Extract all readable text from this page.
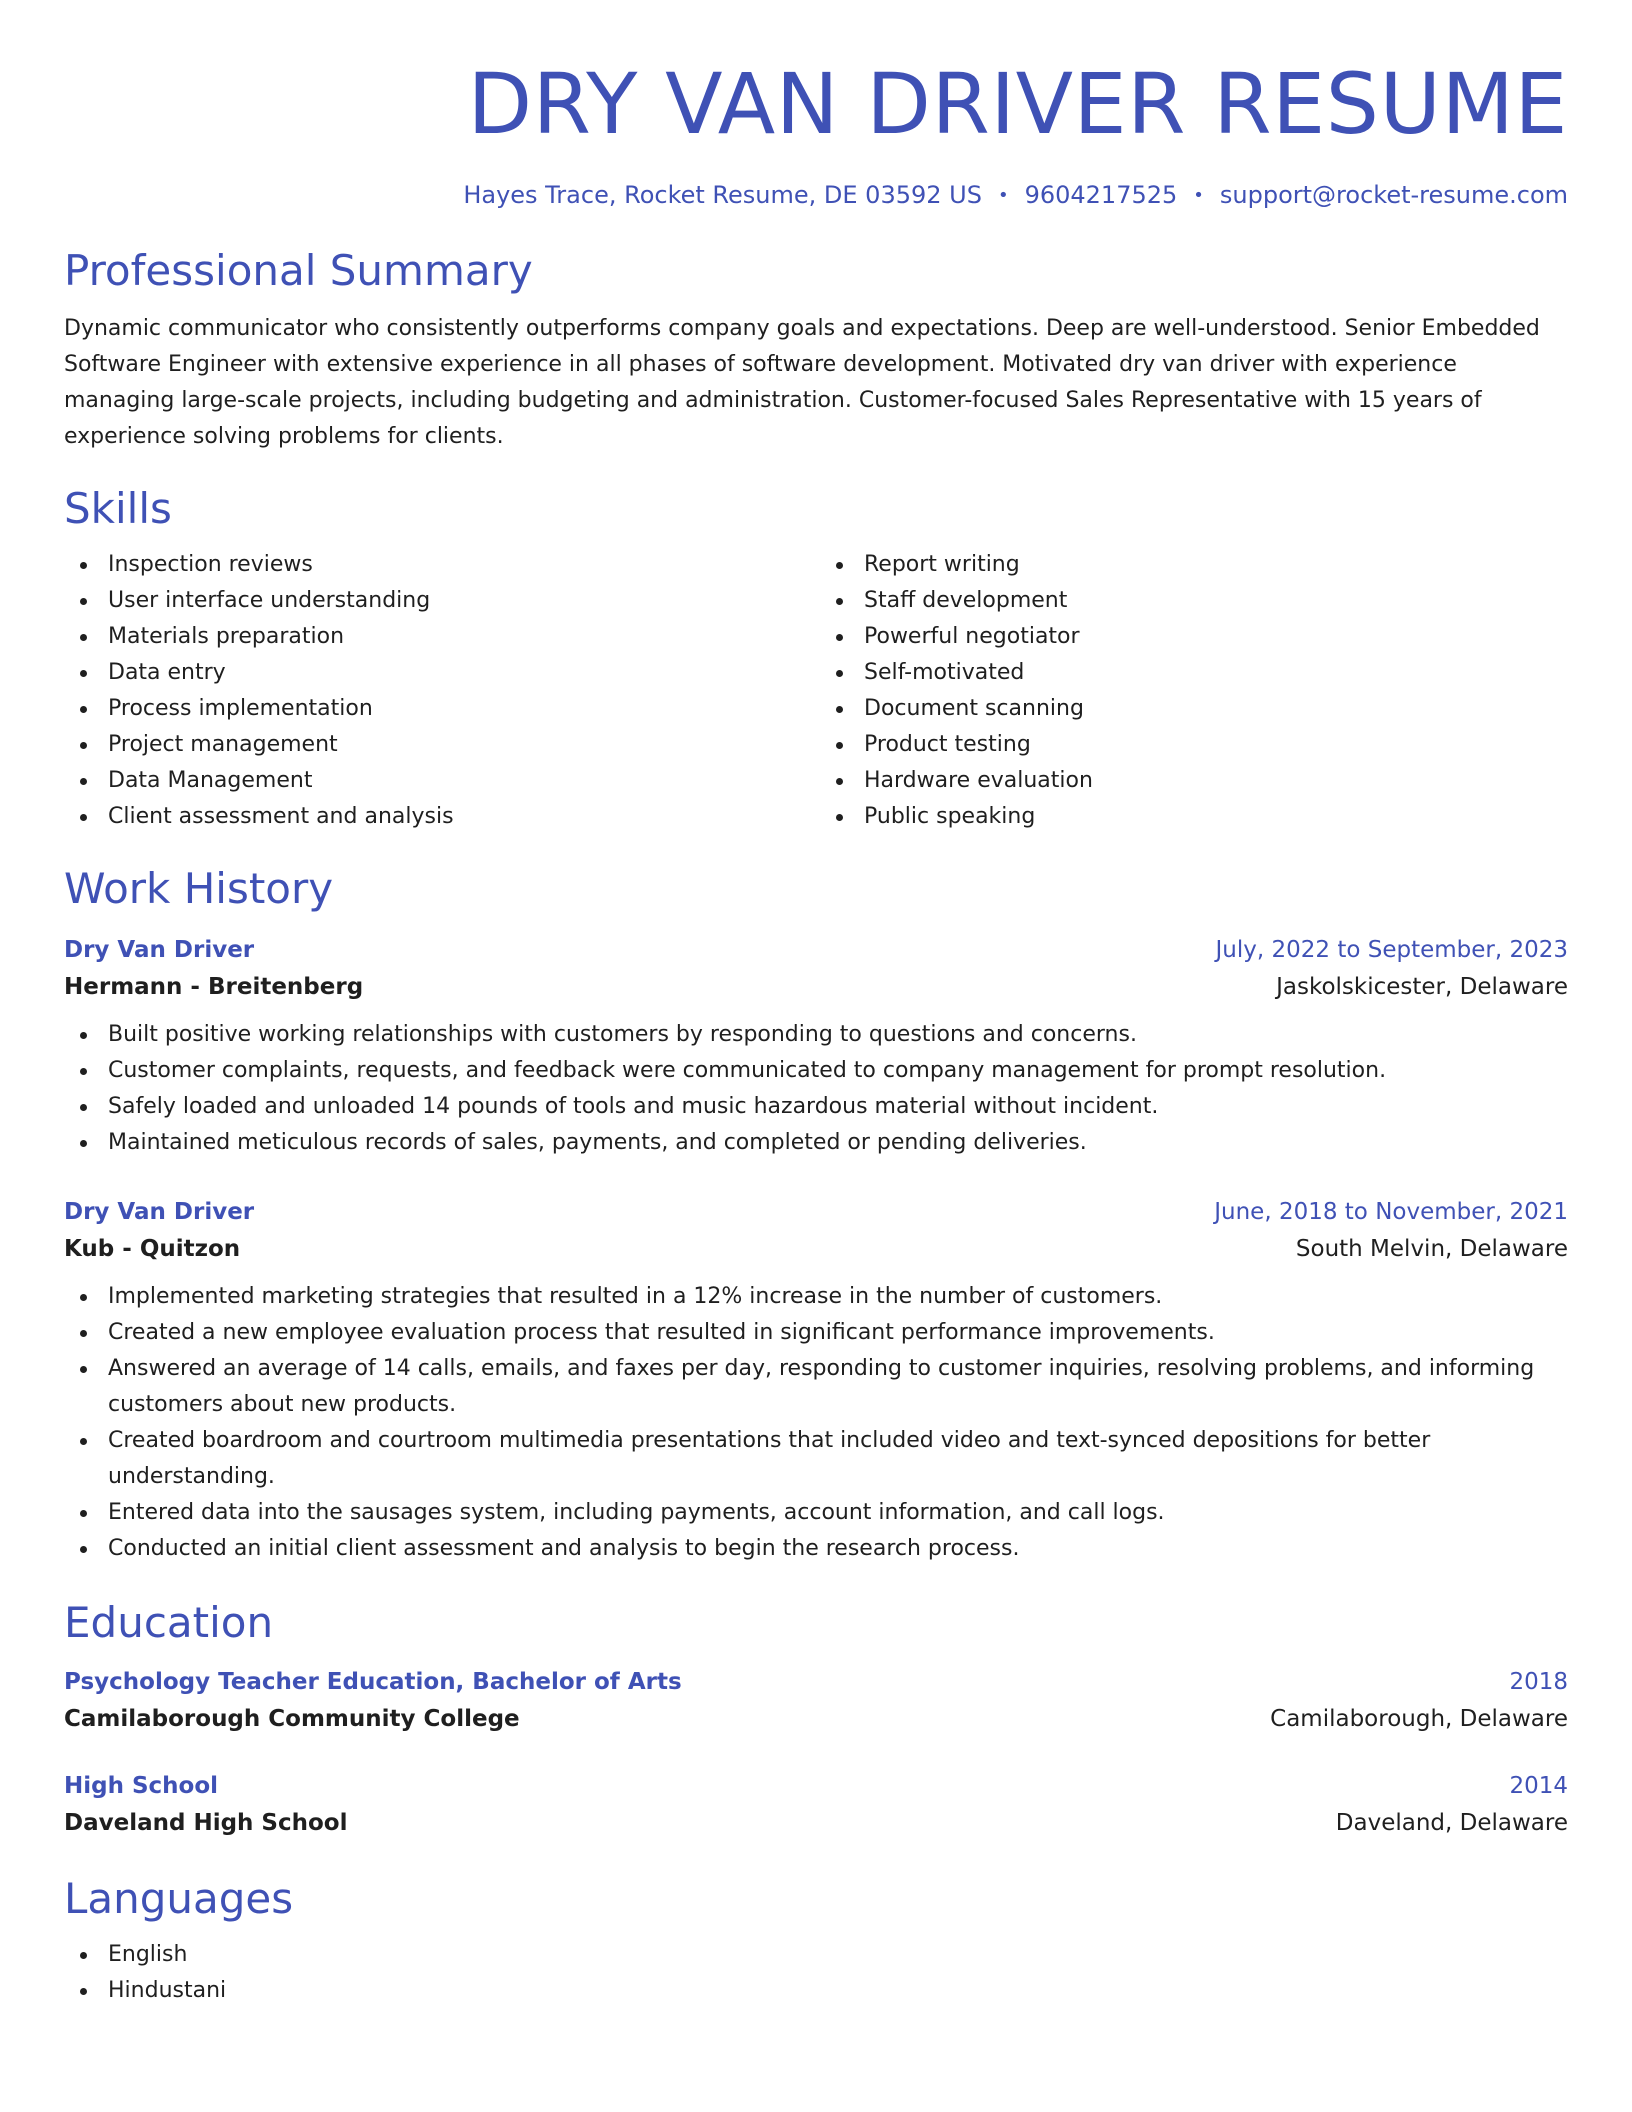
DRY VAN DRIVER RESUME
Hayes Trace, Rocket Resume, DE 03592 US • 9604217525 • support@rocket-resume.com
Professional Summary

Dynamic communicator who consistently outperforms company goals and expectations. Deep are well-understood. Senior Embedded Software Engineer with extensive experience in all phases of software development. Motivated dry van driver with experience managing large-scale projects, including budgeting and administration. Customer-focused Sales Representative with 15 years of experience solving problems for clients.

Skills
Inspection reviews
User interface understanding
Materials preparation
Data entry
Process implementation
Project management
Data Management
Client assessment and analysis
Report writing
Staff development
Powerful negotiator
Self-motivated
Document scanning
Product testing
Hardware evaluation
Public speaking
Work History
Dry Van Driver	July, 2022 to September, 2023
Hermann - Breitenberg	Jaskolskicester, Delaware
Built positive working relationships with customers by responding to questions and concerns.
Customer complaints, requests, and feedback were communicated to company management for prompt resolution.
Safely loaded and unloaded 14 pounds of tools and music hazardous material without incident.
Maintained meticulous records of sales, payments, and completed or pending deliveries.
Dry Van Driver	June, 2018 to November, 2021
Kub - Quitzon	South Melvin, Delaware
Implemented marketing strategies that resulted in a 12% increase in the number of customers.
Created a new employee evaluation process that resulted in significant performance improvements.
Answered an average of 14 calls, emails, and faxes per day, responding to customer inquiries, resolving problems, and informing customers about new products.
Created boardroom and courtroom multimedia presentations that included video and text-synced depositions for better understanding.
Entered data into the sausages system, including payments, account information, and call logs.
Conducted an initial client assessment and analysis to begin the research process.
Education
Psychology Teacher Education, Bachelor of Arts	2018
Camilaborough Community College	Camilaborough, Delaware
High School	2014
Daveland High School	Daveland, Delaware
Languages
English
Hindustani
